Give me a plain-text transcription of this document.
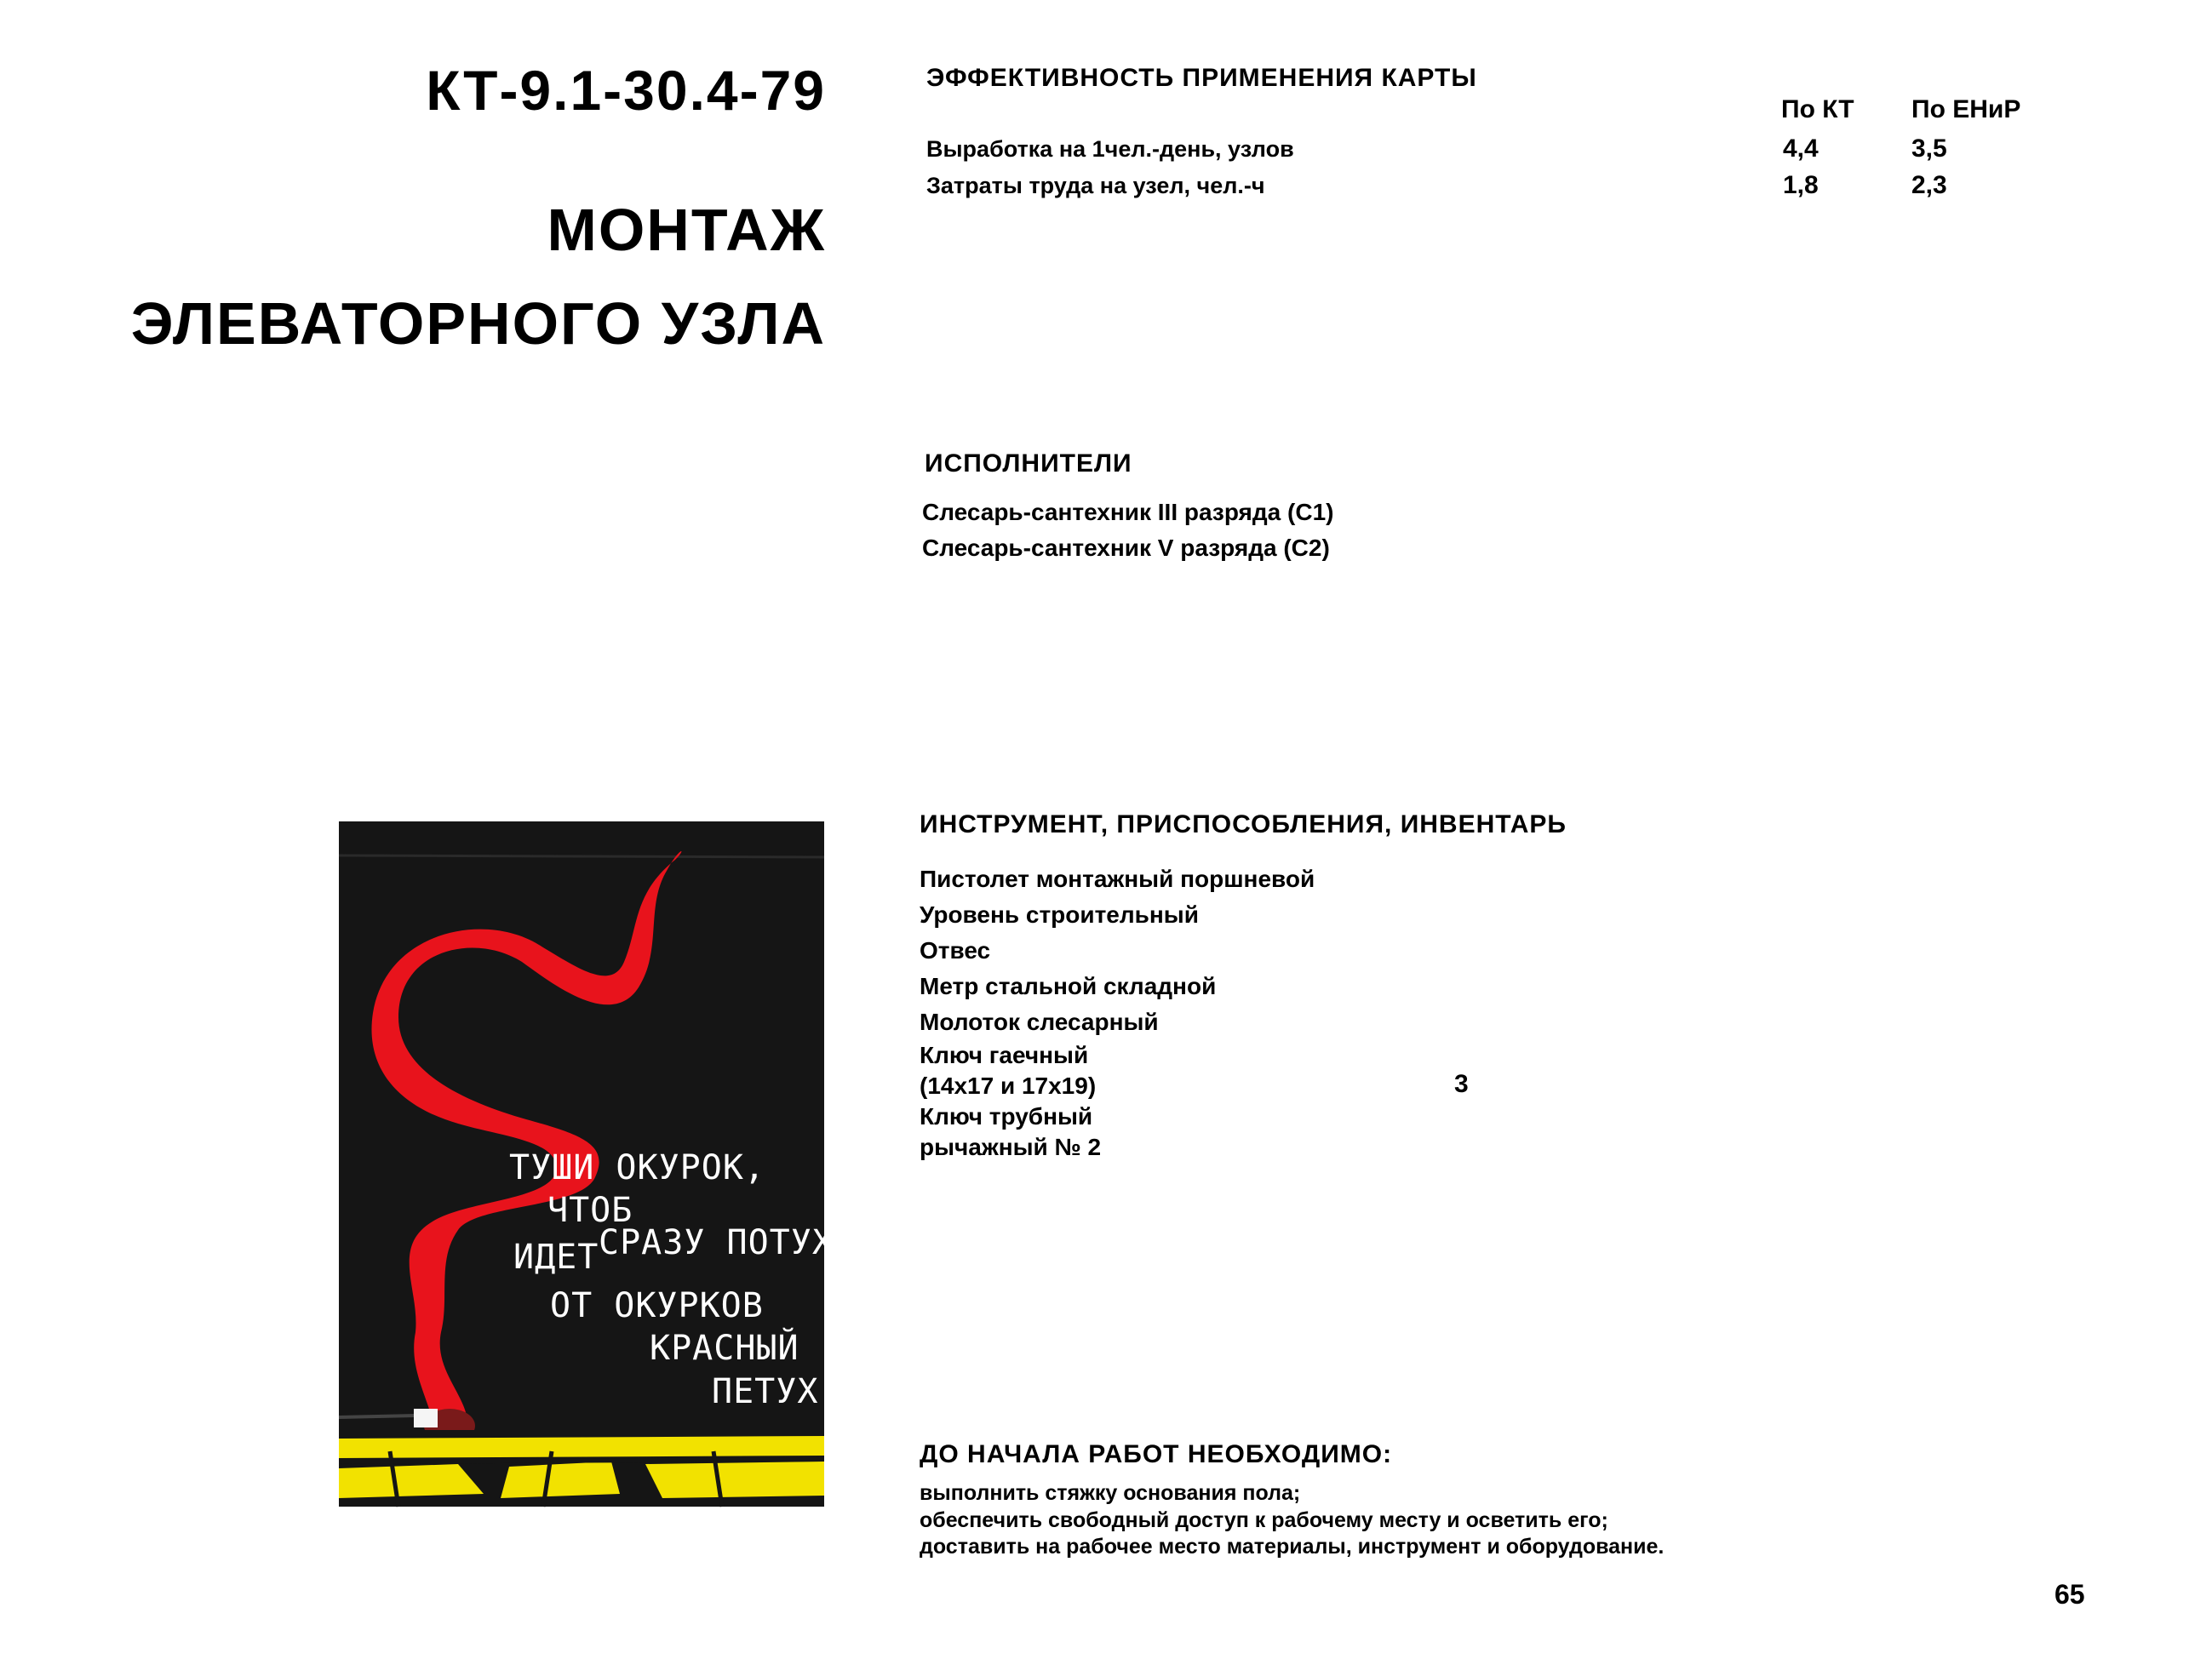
КТ-9.1-30.4-79
МОНТАЖ
ЭЛЕВАТОРНОГО УЗЛА
ЭФФЕКТИВНОСТЬ ПРИМЕНЕНИЯ КАРТЫ
По КТ По ЕНиР
Выработка на 1чел.-день, узлов	4,4	3,5
Затраты труда на узел, чел.-ч	1,8	2,3
ИСПОЛНИТЕЛИ
Слесарь-сантехник III разряда (С1)
Слесарь-сантехник V разряда (С2)
ИНСТРУМЕНТ, ПРИСПОСОБЛЕНИЯ, ИНВЕНТАРЬ
Пистолет монтажный поршневой
Уровень строительный
Отвес
Метр стальной складной
Молоток слесарный
Ключ гаечный
(14x17 и 17x19)
Ключ трубный
рычажный № 2
3
ДО НАЧАЛА РАБОТ НЕОБХОДИМО:
выполнить стяжку основания пола;
обеспечить свободный доступ к рабочему месту и осветить его;
доставить на рабочее место материалы, инструмент и оборудование.
ТУШИ ОКУРОК,
ЧТОБ
СРАЗУ ПОТУХ,
ИДЕТ
ОТ ОКУРКОВ
КРАСНЫЙ
ПЕТУХ.
65
